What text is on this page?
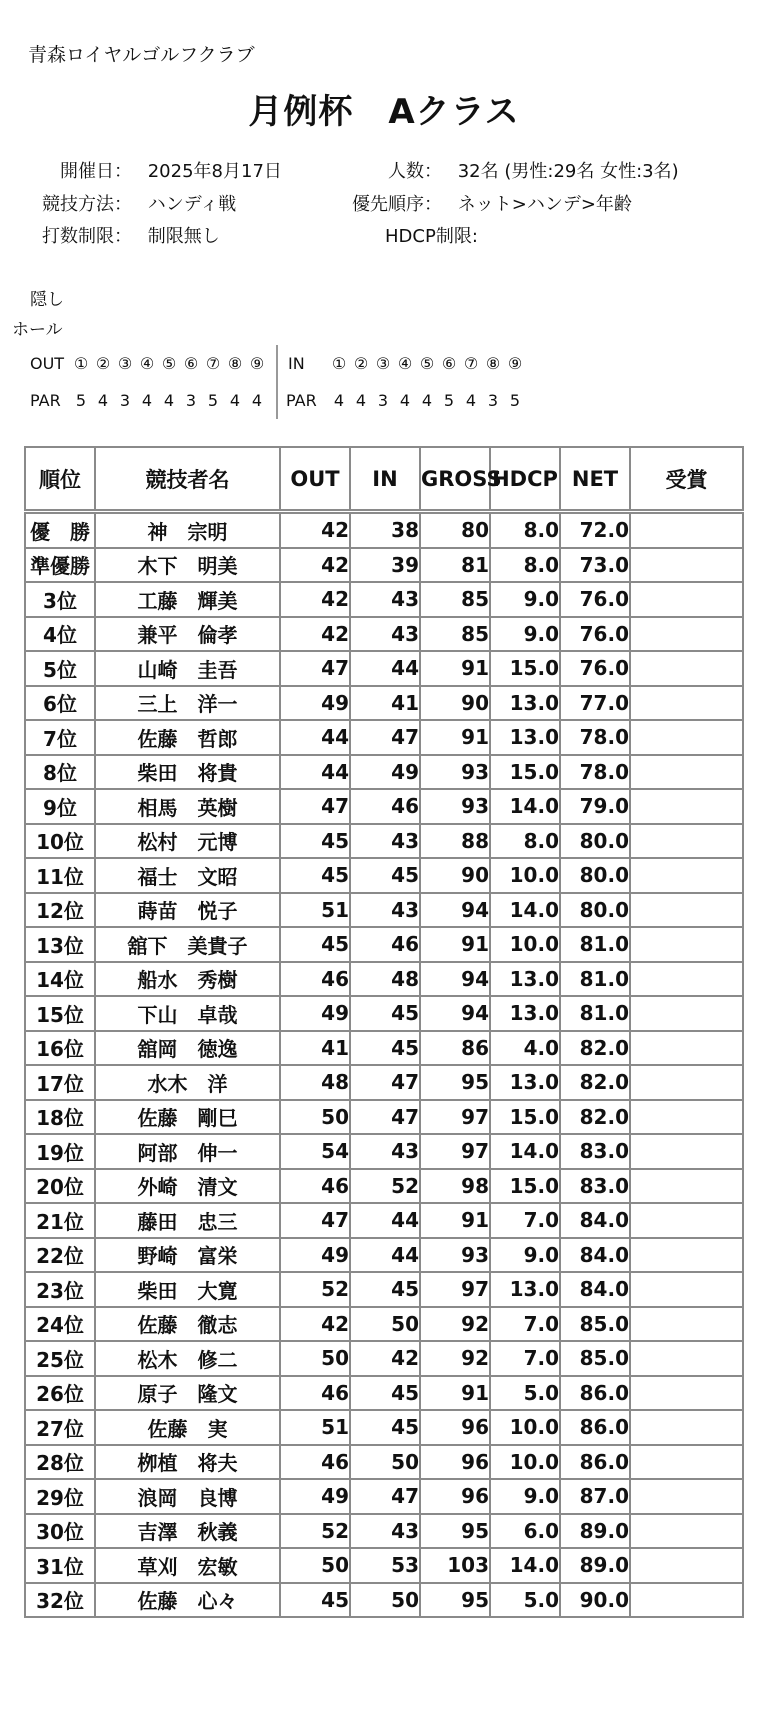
青森ロイヤルゴルフクラブ
月例杯　Aクラス
開催日： 2025年8月17日	人数： 32名 (男性:29名 女性:3名)
競技方法： ハンディ戦	優先順序： ネット>ハンデ>年齢
打数制限： 制限無し	HDCP制限:
隠し
ホール
OUT ① ② ③ ④ ⑤ ⑥ ⑦ ⑧ ⑨
PAR 5 4 3 4 4 3 5 4 4
IN ① ② ③ ④ ⑤ ⑥ ⑦ ⑧ ⑨
PAR 4 4 3 4 4 5 4 3 5
順位	競技者名	OUT	IN	GROSS	HDCP	NET	受賞
優　勝	神　宗明	42	38	80	8.0	72.0	
準優勝	木下　明美	42	39	81	8.0	73.0	
3位	工藤　輝美	42	43	85	9.0	76.0	
4位	兼平　倫孝	42	43	85	9.0	76.0	
5位	山崎　圭吾	47	44	91	15.0	76.0	
6位	三上　洋一	49	41	90	13.0	77.0	
7位	佐藤　哲郎	44	47	91	13.0	78.0	
8位	柴田　将貴	44	49	93	15.0	78.0	
9位	相馬　英樹	47	46	93	14.0	79.0	
10位	松村　元博	45	43	88	8.0	80.0	
11位	福士　文昭	45	45	90	10.0	80.0	
12位	蒔苗　悦子	51	43	94	14.0	80.0	
13位	舘下　美貴子	45	46	91	10.0	81.0	
14位	船水　秀樹	46	48	94	13.0	81.0	
15位	下山　卓哉	49	45	94	13.0	81.0	
16位	舘岡　徳逸	41	45	86	4.0	82.0	
17位	水木　洋	48	47	95	13.0	82.0	
18位	佐藤　剛巳	50	47	97	15.0	82.0	
19位	阿部　伸一	54	43	97	14.0	83.0	
20位	外崎　清文	46	52	98	15.0	83.0	
21位	藤田　忠三	47	44	91	7.0	84.0	
22位	野崎　富栄	49	44	93	9.0	84.0	
23位	柴田　大寛	52	45	97	13.0	84.0	
24位	佐藤　徹志	42	50	92	7.0	85.0	
25位	松木　修二	50	42	92	7.0	85.0	
26位	原子　隆文	46	45	91	5.0	86.0	
27位	佐藤　実	51	45	96	10.0	86.0	
28位	栁植　将夫	46	50	96	10.0	86.0	
29位	浪岡　良博	49	47	96	9.0	87.0	
30位	吉澤　秋義	52	43	95	6.0	89.0	
31位	草刈　宏敏	50	53	103	14.0	89.0	
32位	佐藤　心々	45	50	95	5.0	90.0	
